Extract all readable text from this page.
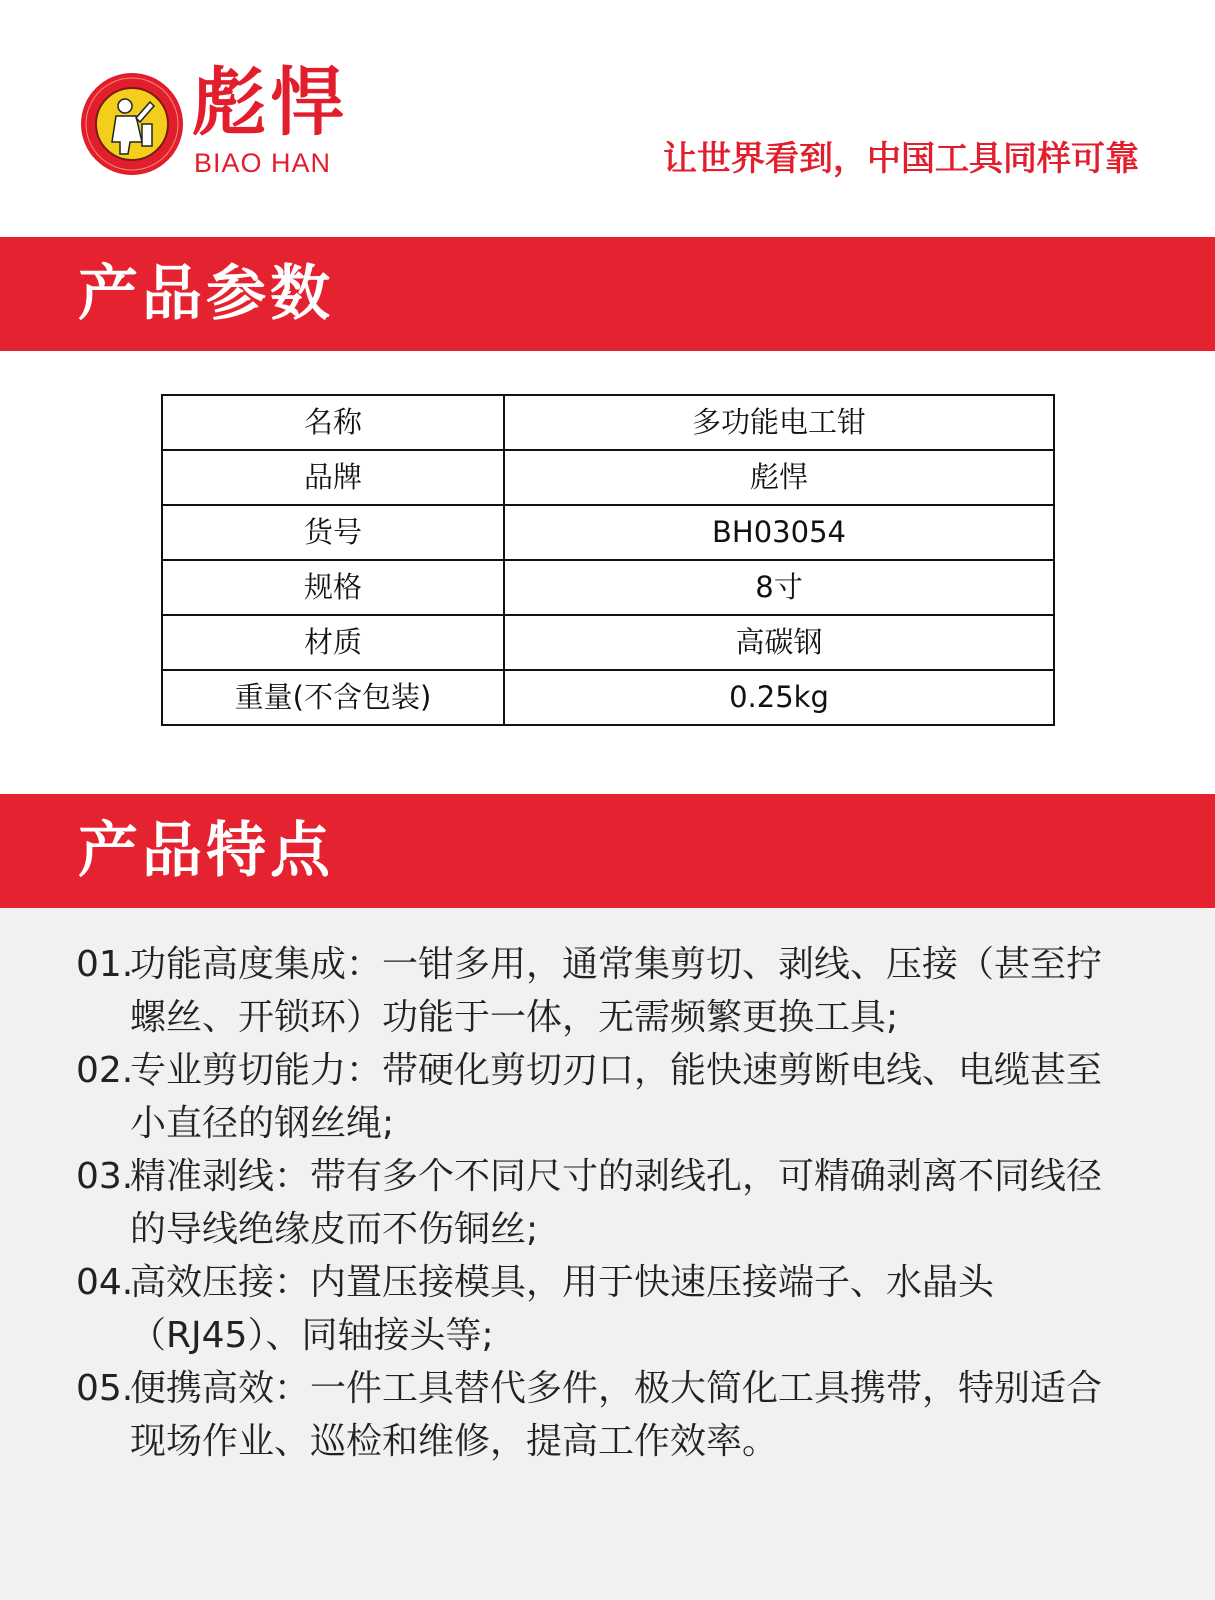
彪悍
BIAO HAN	让世界看到，中国工具同样可靠
产品参数
名称	多功能电工钳
品牌	彪悍
货号	BH03054
规格	8寸
材质	高碳钢
重量(不含包装)	0.25kg
产品特点
01.
功能高度集成：一钳多用，通常集剪切、剥线、压接（甚至拧螺丝、开锁环）功能于一体，无需频繁更换工具;
02.
专业剪切能力：带硬化剪切刃口，能快速剪断电线、电缆甚至小直径的钢丝绳;
03.
精准剥线：带有多个不同尺寸的剥线孔，可精确剥离不同线径的导线绝缘皮而不伤铜丝;
04.
高效压接：内置压接模具，用于快速压接端子、水晶头（RJ45）、同轴接头等;
05.
便携高效：一件工具替代多件，极大简化工具携带，特别适合现场作业、巡检和维修，提高工作效率。
